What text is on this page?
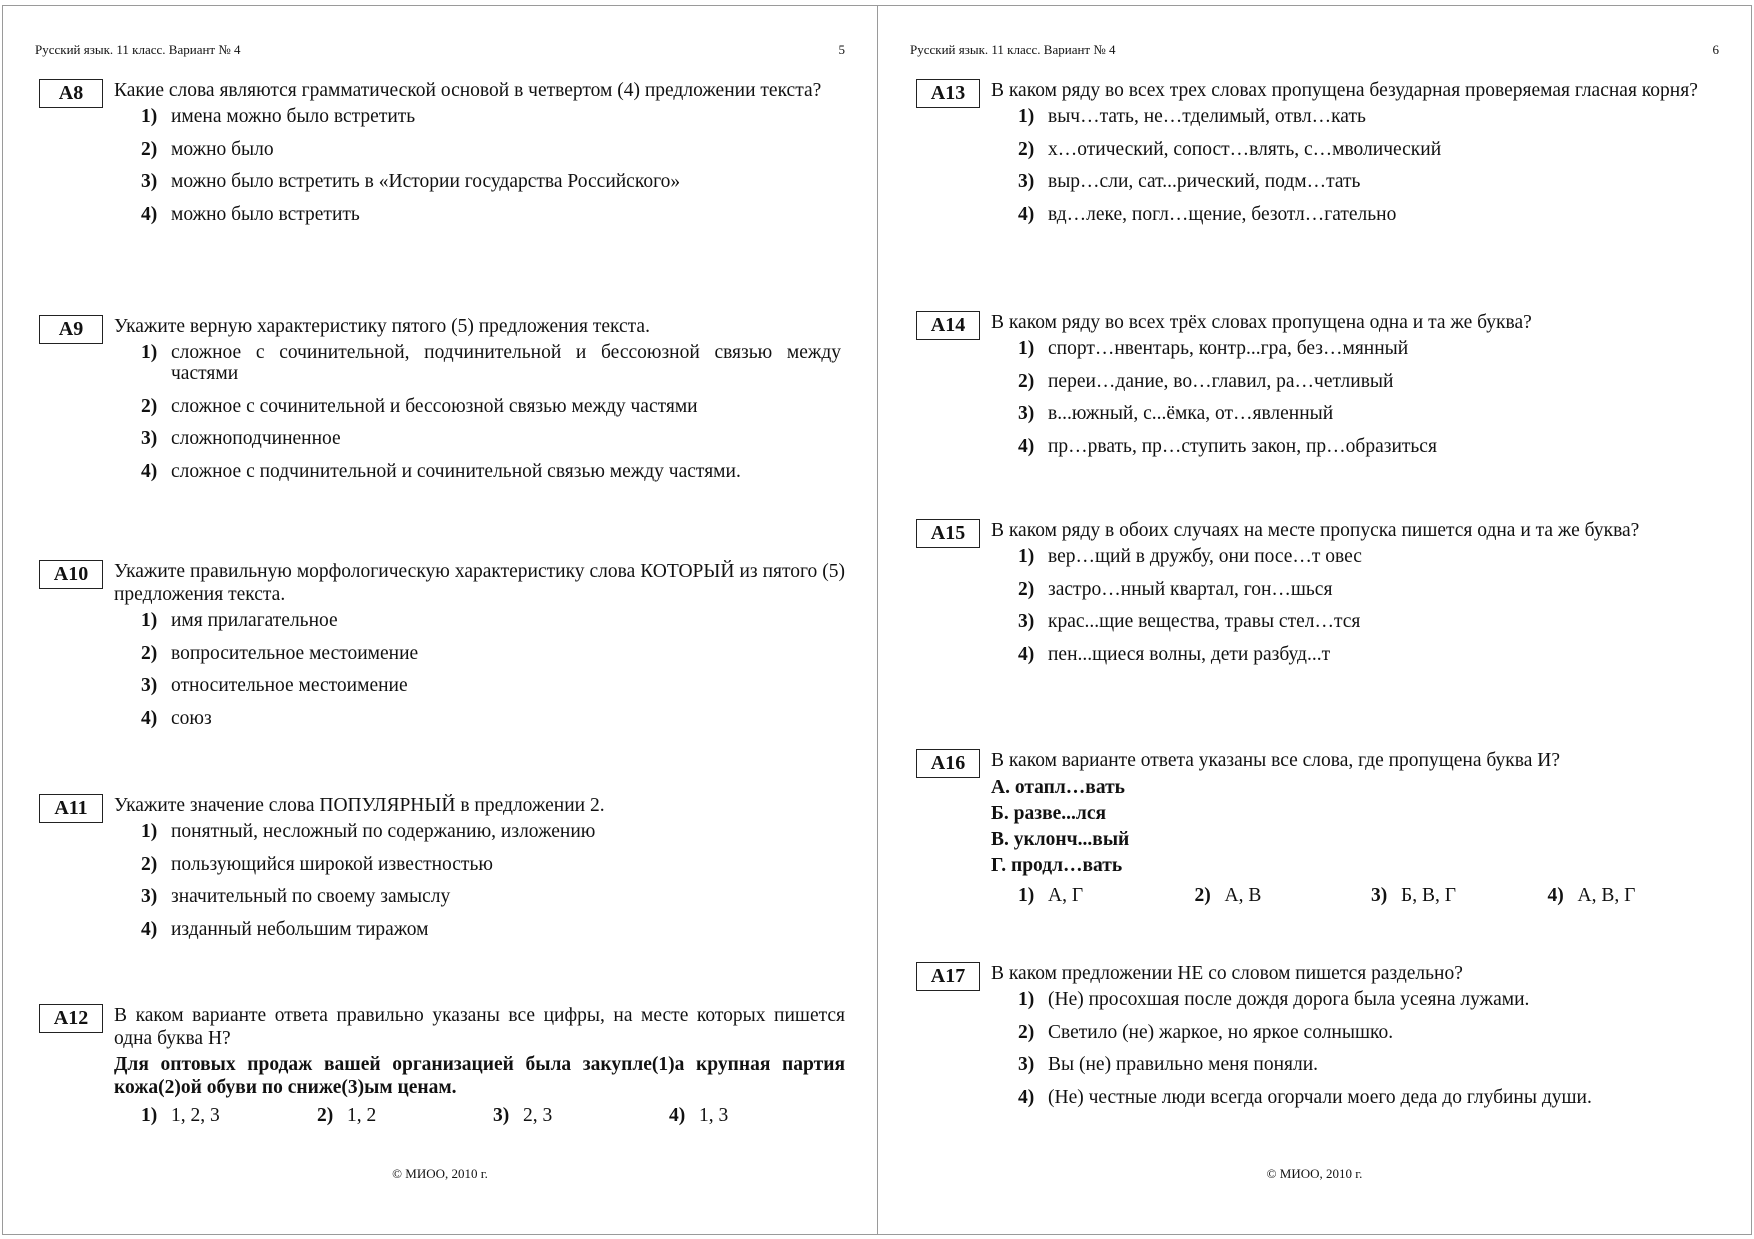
Русский язык. 11 класс. Вариант № 4	5
А8	Какие слова являются грамматической основой в четвертом (4) предложении текста?
1) имена можно было встретить
2) можно было
3) можно было встретить в «Истории государства Российского»
4) можно было встретить
А9	Укажите верную характеристику пятого (5) предложения текста.
1) сложное с сочинительной, подчинительной и бессоюзной связью между частями
2) сложное с сочинительной и бессоюзной связью между частями
3) сложноподчиненное
4) сложное с подчинительной и сочинительной связью между частями.
А10	Укажите правильную морфологическую характеристику слова КОТОРЫЙ из пятого (5) предложения текста.
1) имя прилагательное
2) вопросительное местоимение
3) относительное местоимение
4) союз
А11	Укажите значение слова ПОПУЛЯРНЫЙ в предложении 2.
1) понятный, несложный по содержанию, изложению
2) пользующийся широкой известностью
3) значительный по своему замыслу
4) изданный небольшим тиражом
А12	В каком варианте ответа правильно указаны все цифры, на месте которых пишется одна буква Н?
Для оптовых продаж вашей организацией была закупле(1)а крупная партия кожа(2)ой обуви по сниже(3)ым ценам.
1) 1, 2, 3	2) 1, 2	3) 2, 3	4) 1, 3
© МИОО, 2010 г.
Русский язык. 11 класс. Вариант № 4	6
А13	В каком ряду во всех трех словах пропущена безударная проверяемая гласная корня?
1) выч…тать, не…тделимый, отвл…кать
2) х…отический, сопост…влять, с…мволический
3) выр…сли, сат...рический, подм…тать
4) вд…леке, погл…щение, безотл…гательно
А14	В каком ряду во всех трёх словах пропущена одна и та же буква?
1) спорт…нвентарь, контр...гра, без…мянный
2) переи…дание, во…главил, ра…четливый
3) в...южный, с...ёмка, от…явленный
4) пр…рвать, пр…ступить закон, пр…образиться
А15	В каком ряду в обоих случаях на месте пропуска пишется одна и та же буква?
1) вер…щий в дружбу, они посе…т овес
2) застро…нный квартал, гон…шься
3) крас...щие вещества, травы стел…тся
4) пен...щиеся волны, дети разбуд...т
А16	В каком варианте ответа указаны все слова, где пропущена буква И?
А. отапл…вать
Б. разве...лся
В. уклонч...вый
Г. продл…вать
1) А, Г	2) А, В	3) Б, В, Г	4) А, В, Г
А17	В каком предложении НЕ со словом пишется раздельно?
1) (Не) просохшая после дождя дорога была усеяна лужами.
2) Светило (не) жаркое, но яркое солнышко.
3) Вы (не) правильно меня поняли.
4) (Не) честные люди всегда огорчали моего деда до глубины души.
© МИОО, 2010 г.
